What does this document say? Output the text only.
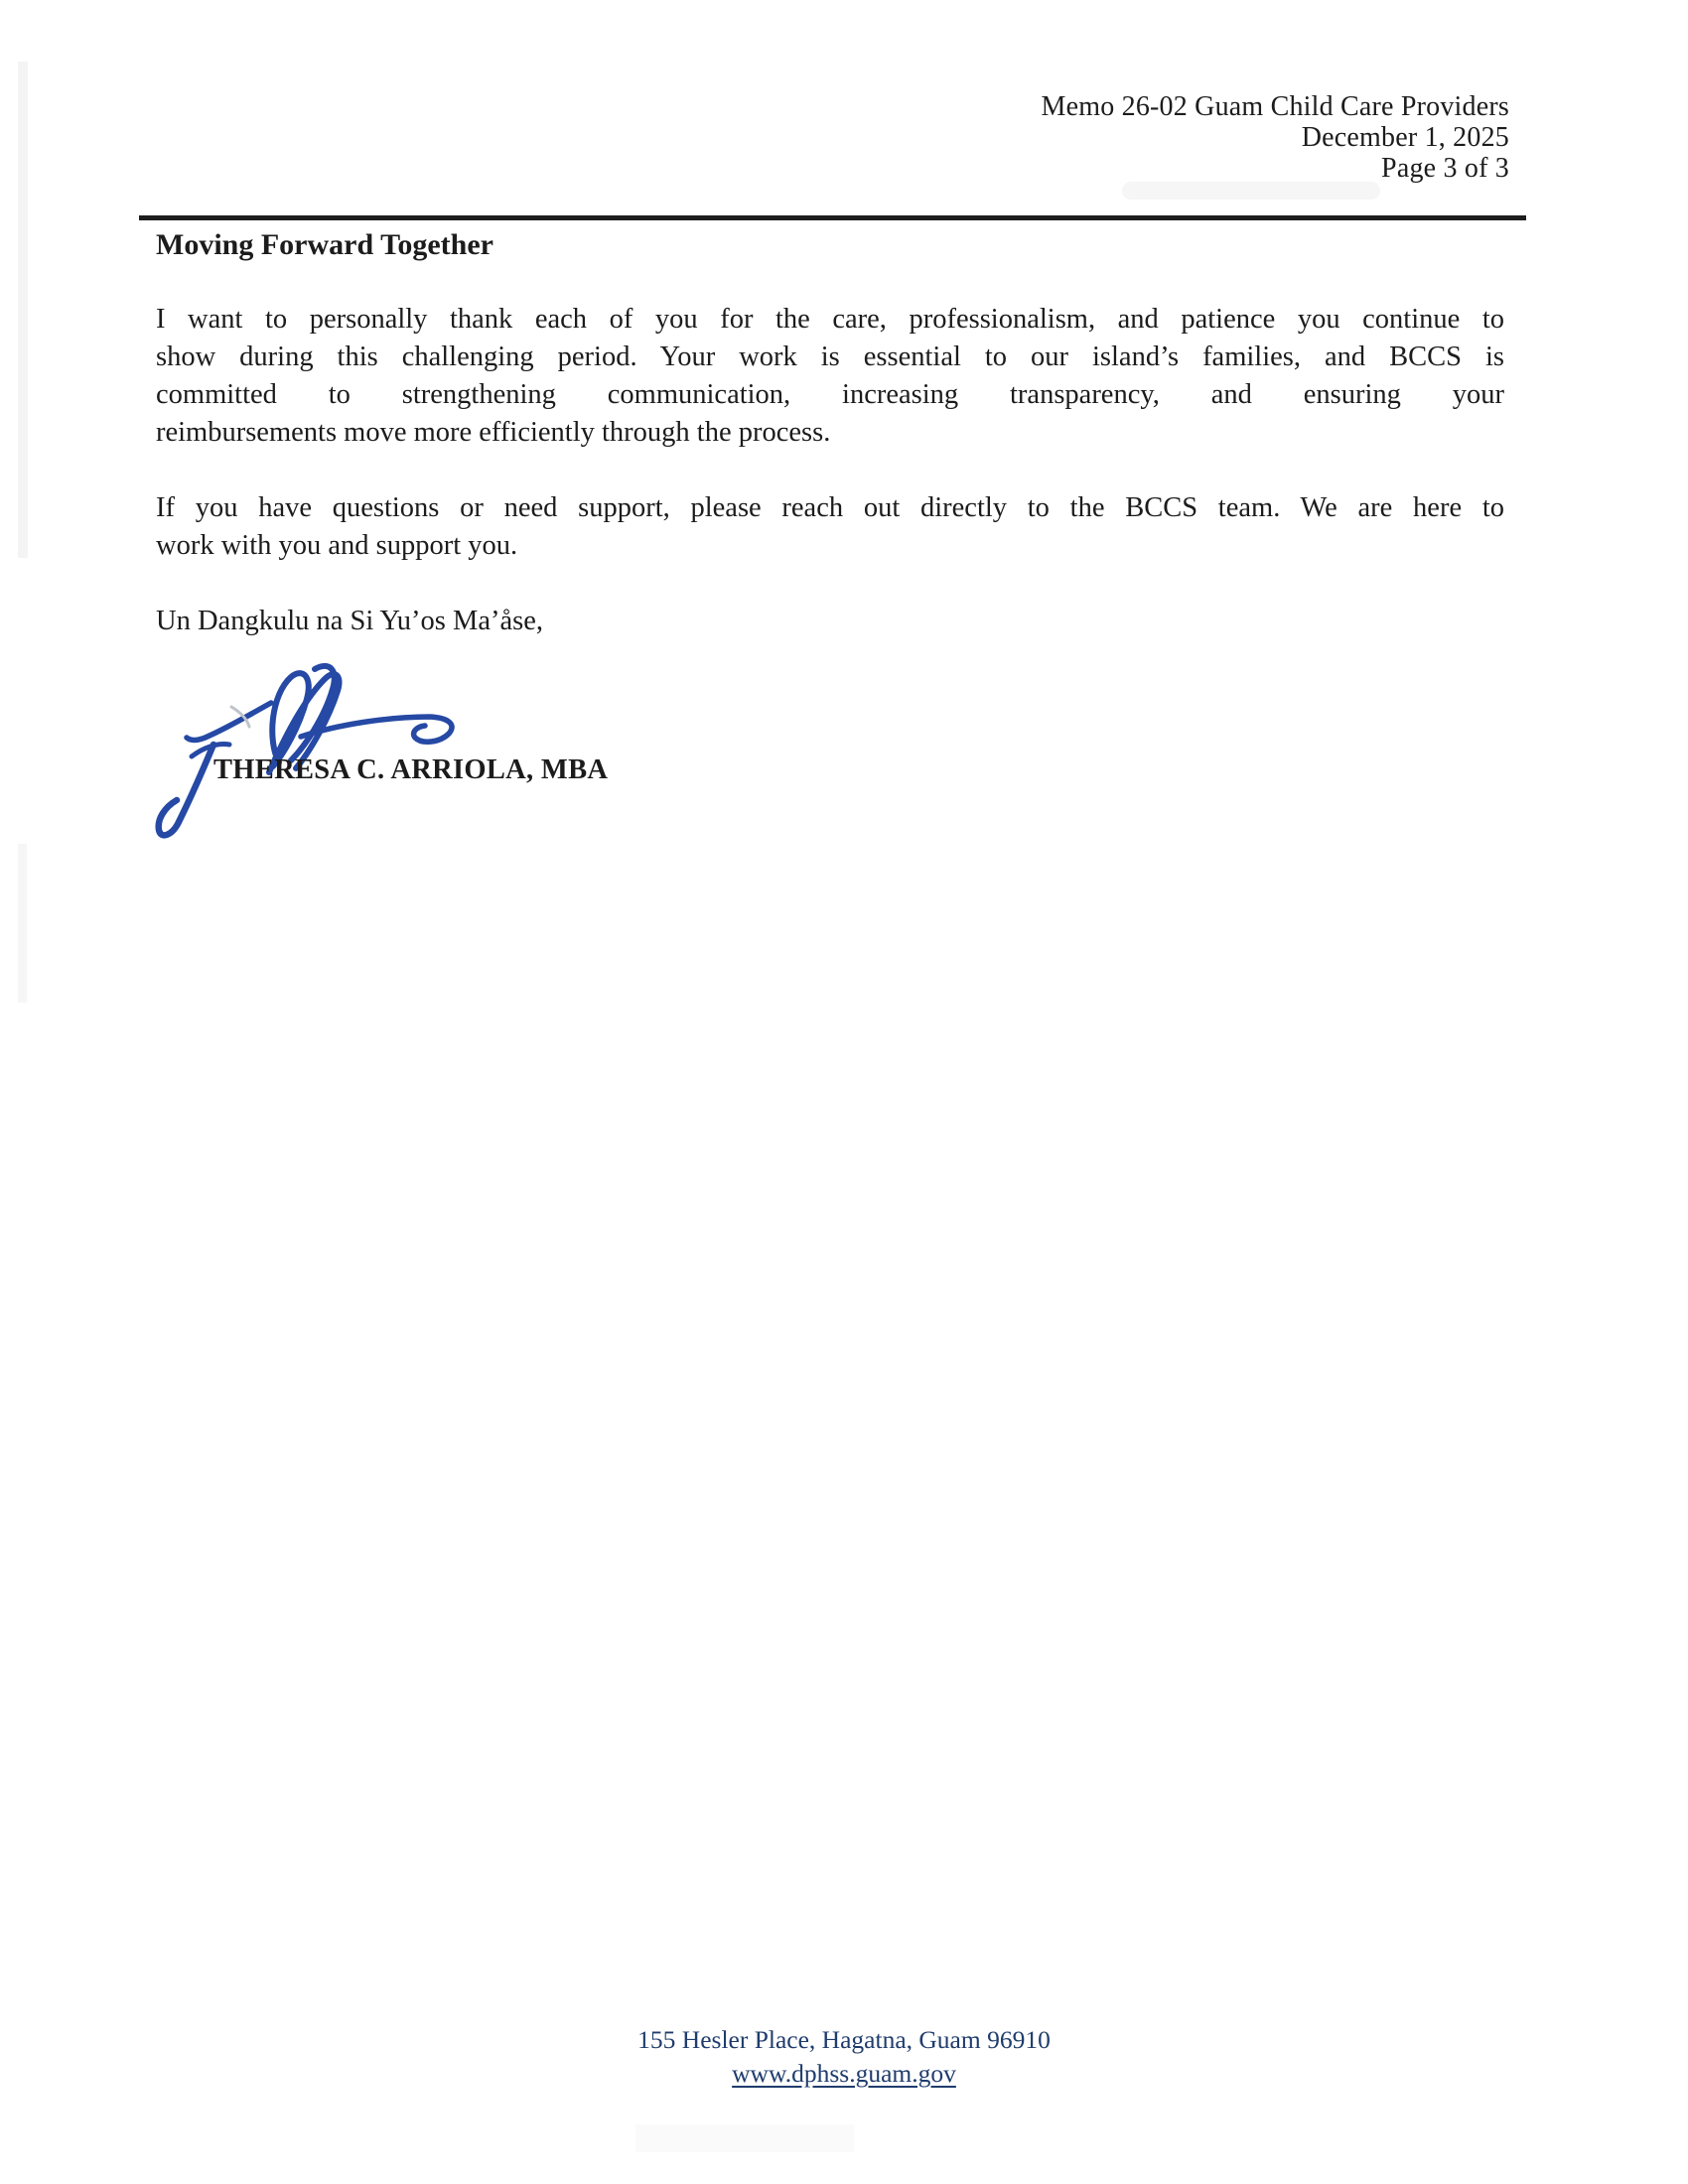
Memo 26-02 Guam Child Care Providers
December 1, 2025
Page 3 of 3
Moving Forward Together
I want to personally thank each of you for the care, professionalism, and patience you continue to
show during this challenging period. Your work is essential to our island’s families, and BCCS is
committed to strengthening communication, increasing transparency, and ensuring your
reimbursements move more efficiently through the process.
If you have questions or need support, please reach out directly to the BCCS team. We are here to
work with you and support you.
Un Dangkulu na Si Yu’os Ma’åse,
THERESA C. ARRIOLA, MBA
155 Hesler Place, Hagatna, Guam 96910
www.dphss.guam.gov
